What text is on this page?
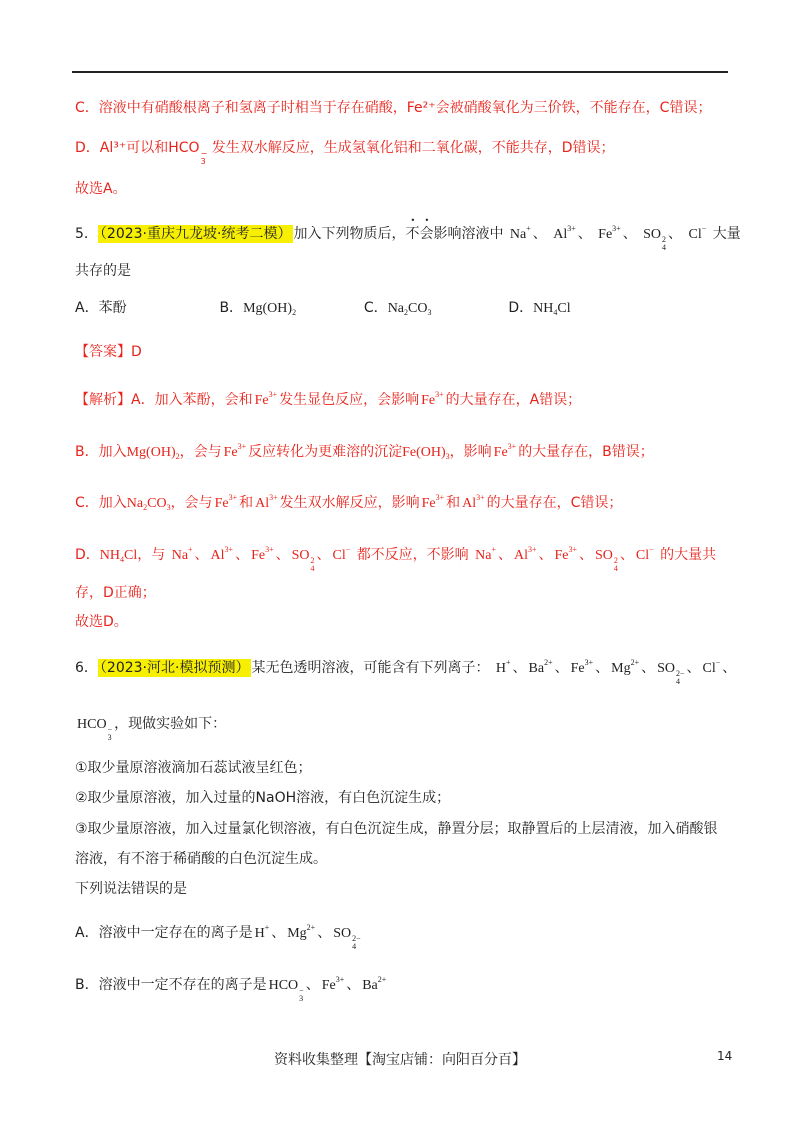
C．溶液中有硝酸根离子和氢离子时相当于存在硝酸，Fe²⁺会被硝酸氧化为三价铁，不能存在，C错误；
D．Al³⁺可以和HCO −
3
发生双水解反应，生成氢氧化铝和二氧化碳，不能共存，D错误；
故选A。
5． （2023·重庆九龙坡·统考二模） 加入下列物质后，不会影响溶液中 Na+ 、 $Al^{3+}$ 、 $Fe^{3+}$ 、 SO 2
4
、 Cl− 大量
共存的是
A．苯酚	B．$Mg(OH)_2$	C．$Na_2CO_3$	D．$NH_4Cl$
【答案】D
【解析】A．加入苯酚，会和 $Fe^{3+}$ 发生显色反应，会影响 $Fe^{3+}$ 的大量存在，A错误；
B．加入$Mg(OH)_2$，会与 $Fe^{3+}$ 反应转化为更难溶的沉淀$Fe(OH)_3$，影响 $Fe^{3+}$ 的大量存在，B错误；
C．加入$Na_2CO_3$，会与 $Fe^{3+}$ 和 $Al^{3+}$ 发生双水解反应，影响 $Fe^{3+}$ 和 $Al^{3+}$ 的大量存在，C错误；
D．$NH_4Cl$，与 Na+ 、 $Al^{3+}$ 、 $Fe^{3+}$ 、 SO 2
4
、 Cl− 都不反应，不影响 Na+ 、 $Al^{3+}$ 、 $Fe^{3+}$ 、 SO 2
4
、 Cl− 的大量共
存，D正确；
故选D。
6． （2023·河北·模拟预测） 某无色透明溶液，可能含有下列离子： H+ 、 $Ba^{2+}$ 、 $Fe^{3+}$ 、 $Mg^{2+}$ 、 SO 2−
4
、 Cl− 、
HCO −
3
，现做实验如下：
①取少量原溶液滴加石蕊试液呈红色；
②取少量原溶液，加入过量的NaOH溶液，有白色沉淀生成；
③取少量原溶液，加入过量氯化钡溶液，有白色沉淀生成，静置分层；取静置后的上层清液，加入硝酸银
溶液，有不溶于稀硝酸的白色沉淀生成。
下列说法错误的是
A．溶液中一定存在的离子是 H+ 、 $Mg^{2+}$ 、 SO 2−
4
B．溶液中一定不存在的离子是 HCO −
3
、 $Fe^{3+}$ 、 $Ba^{2+}$
资料收集整理【淘宝店铺：向阳百分百】	14
